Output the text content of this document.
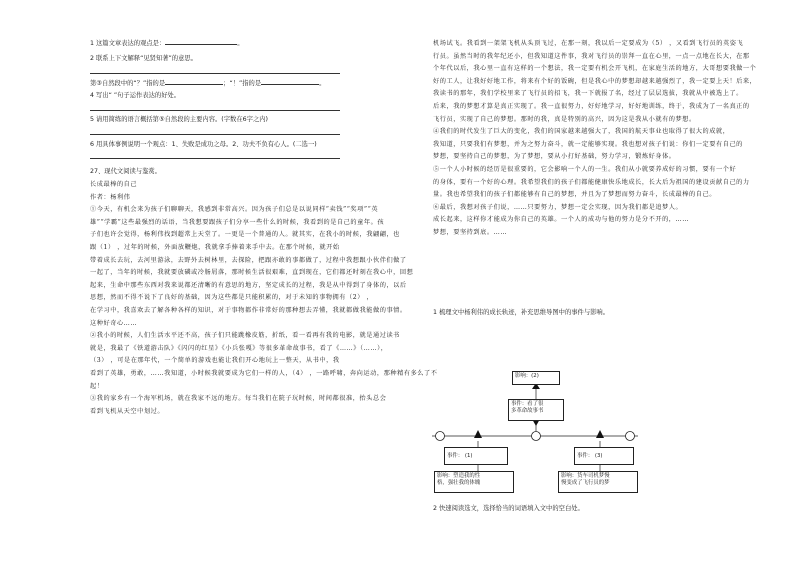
1 这篇文章表达的观点是：	。

2 联系上下文解释“见贤知著”的意思。

第③自然段中的“？”指的是	；“！”指的是	。

4 写出“ ”句子运作表达的好处。

5 请用简练的语言概括第⑤自然段的主要内容。(字数在6字之内)

6 用具体事例说明一个观点：1、失败是成功之母。2、功夫不负有心人。(二选一)

27、现代文阅读与鉴赏。

长成最棒的自己

作者：杨利伟

①今天，有机会来为孩子们聊聊天，我感到非常高兴。因为孩子们总是以说同样“卖钱”“奖项”“英

雄”“学霸”这些最强烈的话语，当我想要跟孩子们分享一些什么的时候，我看到的是自己的童年。孩

子们也许会觉得，杨利伟找到超常上天堂了。一更是一个普通的人。就其实，在我小的时候，我翩翩，也

跟（1） ，过年的时候，外面放鞭炮，我就拿手捧着来手中去。在那个时候，就开始

带着成长去玩，去河里游泳，去野外去树林里，去探险，把跟亦敢的事都做了，过程中我想跟小伙伴们做了

一起了，当年的时候，我就要放磷或冷肠屑落，那时候生活很艰难，直到现在，它们都还时刻在我心中，回想

起来，生命中那些东西对我来说都还清晰的有意思的地方，坚定成长的过程，我是从中得到了身体的，以后

思想，然而不得不说下了良好的基础，因为这些都是只能积累的，对于未知的事物拥有（2） ，

在学习中，我喜欢去了解各种各样的知识，对于事物都作非常好的那种想去弄懂，我就都做我能做的事情。

这种好奇心……

②我小的时候，人们生活水平还不高，孩子们只能跳橡皮筋，折纸，看一看再有我的电影，就是通过读书

就是，我最了《铁道游击队》《闪闪的红星》《小兵张嘎》等很多革命故事书，看了《……》（……），

（3） ，可是在那年代，一个简单的游戏也能让我们开心地玩上一整天，从书中，我

看到了英雄，勇敢，……我知道，小时候我就要成为它们一样的人，（4） ，一路呼啸，奔向运动，那种精有多么了不

起！

③我的家乡有一个海军机场，就在我家不远的地方。每当我们在院子玩时候，时间都很准，抬头总会

看到飞机从天空中划过。

机场试飞。我看到一架架飞机从头顶飞过，在那一刻，我以后一定要成为（5） ，又看到飞行员的英姿飞

行员。虽然当时的我年纪还小，但我知道这件事，我对飞行员的崇拜一直在心里，一点一点地在长大，在那

个年代以后，我心里一直有这样的一个想法，我一定要有机会开飞机，在家庭生活的地方，大哥想要我做一个

好的工人，让我好好地工作，将来有个好的饭碗，但是我心中的梦想却越来越强烈了，我一定要上天！后来，

我读书的那年，我们学校里来了飞行员的招飞，我一下就报了名，经过了层层选拔，我就从中被选上了。

后来，我的梦想才算是真正实现了。我一直很努力，好好地学习，好好地训练，终于，我成为了一名真正的

飞行员，实现了自己的梦想。那时的我，真是特别的高兴，因为这是我从小就有的梦想。

④我们的时代发生了巨大的变化，我们的国家越来越强大了，我国的航天事业也取得了很大的成就，

我知道，只要我们有梦想，并为之努力奋斗，就一定能够实现。我也想对孩子们说：你们一定要有自己的

梦想，要坚持自己的梦想，为了梦想，要从小打好基础，努力学习，锻炼好身体。

⑤一个人小时候的经历是很重要的，它会影响一个人的一生。我们从小就要养成好的习惯，要有一个好

的身体，要有一个好的心理。我希望我们的孩子们都能健康快乐地成长，长大后为祖国的建设贡献自己的力

量。我也希望我们的孩子们都能够有自己的梦想，并且为了梦想而努力奋斗，长成最棒的自己。

⑥最后，我想对孩子们说，……只要努力，梦想一定会实现，因为我们都是追梦人。

成长起来，这样你才能成为你自己的英雄。一个人的成功与他的努力是分不开的，……

梦想，要坚持到底。……

1 梳理文中杨利伟的成长轨迹，补充思维导图中的事件与影响。

影响：(2)
事件：看了很
多革命故事书
事件： (1)	事件： (3)
影响：塑造我的性
格，强壮我的体魄
影响：货车司机梦慢
慢变成了飞行员的梦
2 快速阅读选文，选择恰当的词语填入文中的空白处。
